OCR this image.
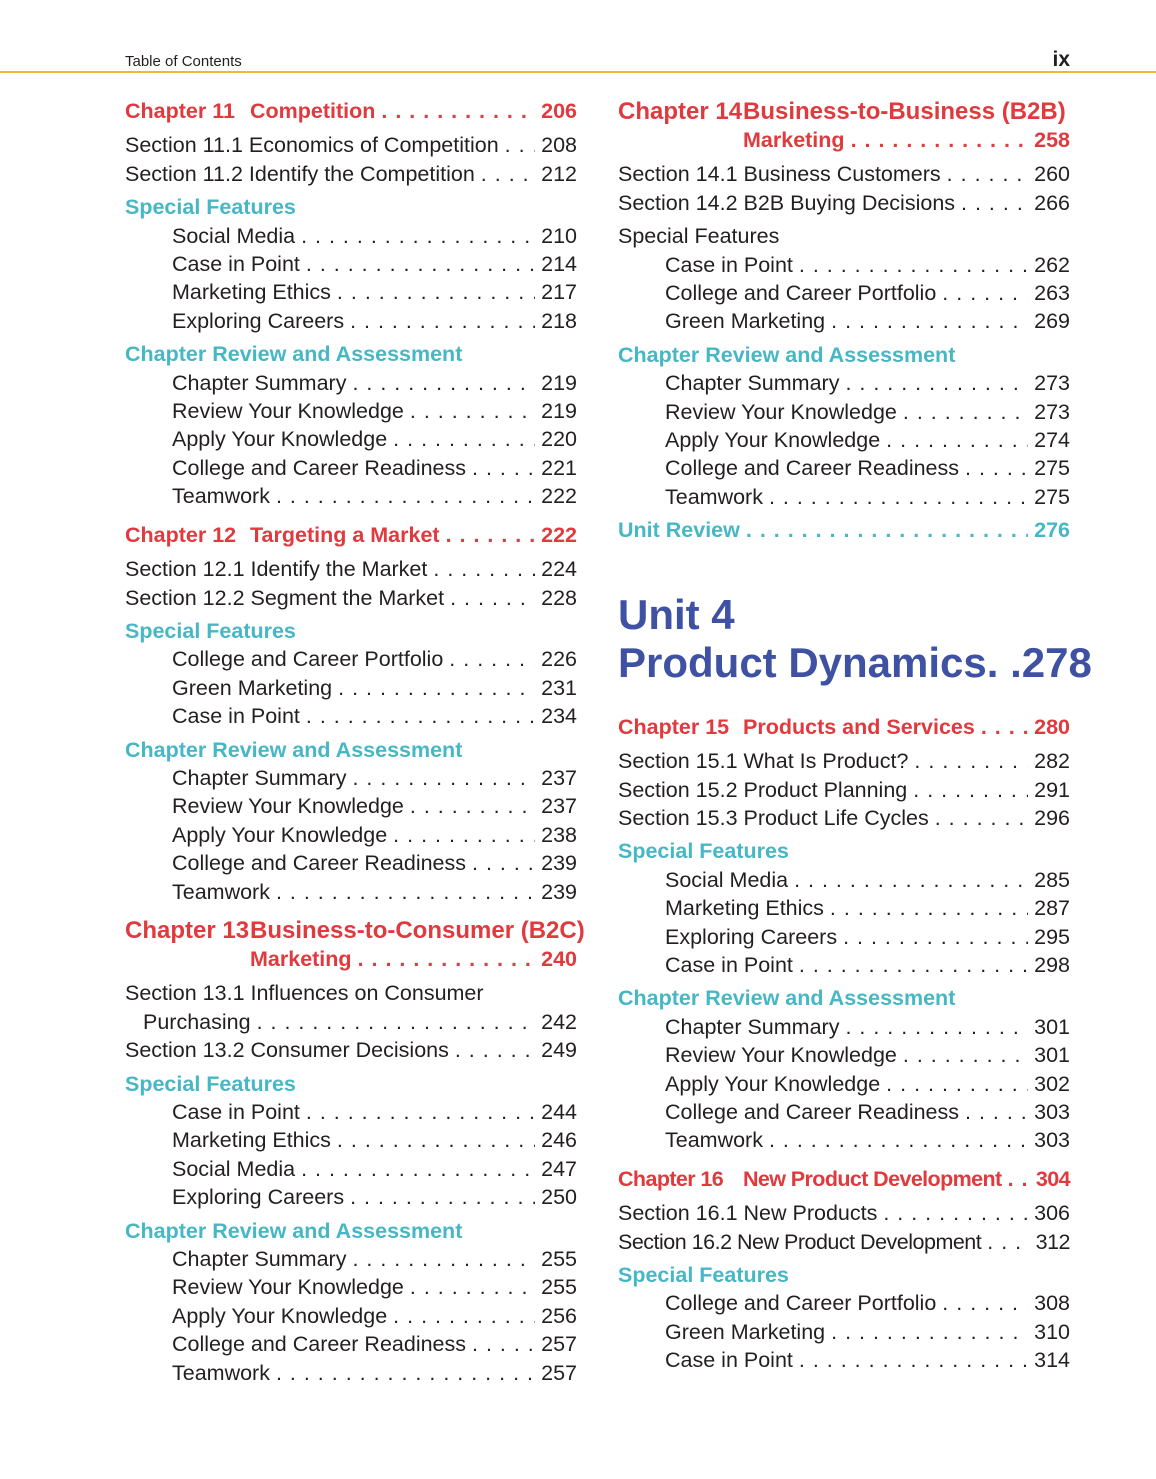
Table of Contents	ix
Chapter 11 Competition . . .	206
Section 11.1 Economics of Competition . . . 208
Section 11.2 Identify the Competition . . .	212
Special Features
Social Media . . .	210
Case in Point . . .	214
Marketing Ethics . . .	217
Exploring Careers . . .	218
Chapter Review and Assessment
Chapter Summary . . .	219
Review Your Knowledge . . .	219
Apply Your Knowledge . . .	220
College and Career Readiness . . .	221
Teamwork . . .	222
Chapter 12 Targeting a Market . . .	222
Section 12.1 Identify the Market . . .	224
Section 12.2 Segment the Market . . .	228
Special Features
College and Career Portfolio . . .	226
Green Marketing . . .	231
Case in Point . . .	234
Chapter Review and Assessment
Chapter Summary . . .	237
Review Your Knowledge . . .	237
Apply Your Knowledge . . .	238
College and Career Readiness . . .	239
Teamwork . . .	239
Chapter 13Business-to-Consumer (B2C)
Marketing . . .	240
Section 13.1 Influences on Consumer
Purchasing . . .	242
Section 13.2 Consumer Decisions . . .	249
Special Features
Case in Point . . .	244
Marketing Ethics . . .	246
Social Media . . .	247
Exploring Careers . . .	250
Chapter Review and Assessment
Chapter Summary . . .	255
Review Your Knowledge . . .	255
Apply Your Knowledge . . .	256
College and Career Readiness . . .	257
Teamwork . . .	257
Chapter 14Business-to-Business (B2B)
Marketing . . .	258
Section 14.1 Business Customers . . .	260
Section 14.2 B2B Buying Decisions . . .	266
Special Features
Case in Point . . .	262
College and Career Portfolio . . .	263
Green Marketing . . .	269
Chapter Review and Assessment
Chapter Summary . . .	273
Review Your Knowledge . . .	273
Apply Your Knowledge . . .	274
College and Career Readiness . . .	275
Teamwork . . .	275
Unit Review . . .	276
Unit 4
Product Dynamics . . 278
Chapter 15 Products and Services . . .	280
Section 15.1 What Is Product? . . .	282
Section 15.2 Product Planning . . .	291
Section 15.3 Product Life Cycles . . .	296
Special Features
Social Media . . .	285
Marketing Ethics . . .	287
Exploring Careers . . .	295
Case in Point . . .	298
Chapter Review and Assessment
Chapter Summary . . .	301
Review Your Knowledge . . .	301
Apply Your Knowledge . . .	302
College and Career Readiness . . .	303
Teamwork . . .	303
Chapter 16 New Product Development . . . 304
Section 16.1 New Products . . .	306
Section 16.2 New Product Development . . .	312
Special Features
College and Career Portfolio . . .	308
Green Marketing . . .	310
Case in Point . . .	314
